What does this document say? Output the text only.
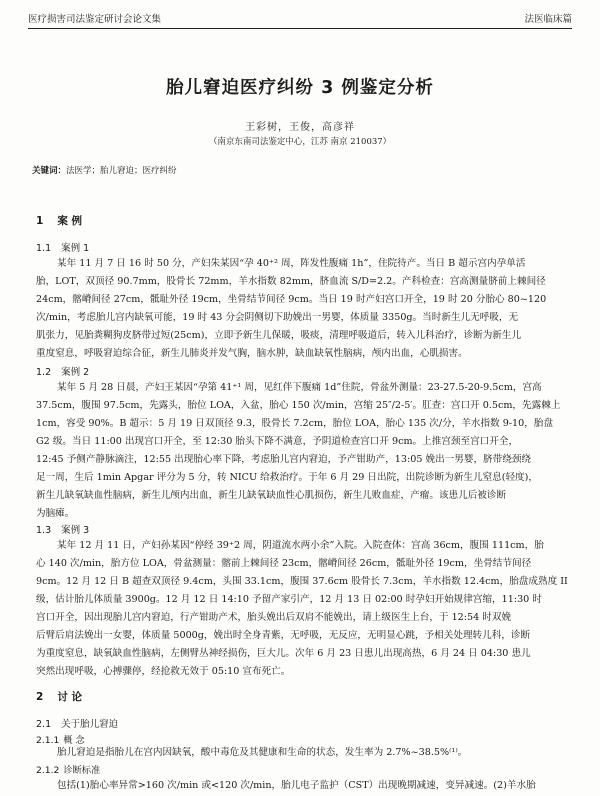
医疗损害司法鉴定研讨会论文集	法医临床篇
胎儿窘迫医疗纠纷 3 例鉴定分析
王彩树，王俊，高彦祥
（南京东南司法鉴定中心，江苏 南京 210037）
关键词：法医学；胎儿窘迫；医疗纠纷
1 案 例
1.1 案例 1
某年 11 月 7 日 16 时 50 分，产妇朱某因“孕 40⁺² 周，阵发性腹痛 1h”，住院待产。当日 B 超示宫内孕单活
胎，LOT，双顶径 90.7mm，股骨长 72mm，羊水指数 82mm，脐血流 S/D=2.2。产科检查：宫高测量脐前上棘间径
24cm，髂嵴间径 27cm，骶耻外径 19cm，坐骨结节间径 9cm。当日 19 时产妇宫口开全，19 时 20 分胎心 80~120
次/min，考虑胎儿宫内缺氧可能，19 时 43 分会阴侧切下助娩出一男婴，体质量 3350g。当时新生儿无呼吸，无
肌张力，见胎粪糊狗皮脐带过短(25cm)，立即予新生儿保暖，吸痰，清理呼吸道后，转入儿科治疗，诊断为新生儿
重度窒息，呼吸窘迫综合征，新生儿肺炎并发气胸，脑水肿，缺血缺氧性脑病，颅内出血，心肌损害。
1.2 案例 2
某年 5 月 28 日晨，产妇王某因“孕第 41⁺¹ 周，见红伴下腹痛 1d”住院，骨盆外测量：23-27.5-20-9.5cm，宫高
37.5cm，腹围 97.5cm，先露头，胎位 LOA，入盆，胎心 150 次/min，宫缩 25″/2-5′。肛查：宫口开 0.5cm，先露棘上
1cm，容受 90%。B 超示：5 月 19 日双顶径 9.3，股骨长 7.2cm，胎位 LOA，胎心 135 次/分，羊水指数 9-10，胎盘
G2 级。当日 11:00 出现宫口开全，至 12:30 胎头下降不满意，予阴道检查宫口开 9cm。上推宫颈至宫口开全，
12:45 予侧产静脉滴注，12:55 出现胎心率下降，考虑胎儿宫内窘迫，予产钳助产，13:05 娩出一男婴，脐带绕颈绕
足一周，生后 1min Apgar 评分为 5 分，转 NICU 给救治疗。于年 6 月 29 日出院，出院诊断为新生儿窒息(轻度)，
新生儿缺氧缺血性脑病，新生儿颅内出血，新生儿缺氧缺血性心肌损伤，新生儿败血症，产瘤。该患儿后被诊断
为脑瘫。
1.3 案例 3
某年 12 月 11 日，产妇孙某因“停经 39⁺2 周，阴道流水两小余”入院。入院查体：宫高 36cm，腹围 111cm，胎
心 140 次/min，胎方位 LOA，骨盆测量：髂前上棘间径 23cm，髂嵴间径 26cm，骶耻外径 19cm，坐骨结节间径
9cm。12 月 12 日 B 超查双顶径 9.4cm，头围 33.1cm，腹围 37.6cm 股骨长 7.3cm，羊水指数 12.4cm，胎盘成熟度 II
级，估计胎儿体质量 3900g。12 月 12 日 14:10 予留产家引产，12 月 13 日 02:00 时孕妇开始规律宫缩，11:30 时
宫口开全，因出现胎儿宫内窘迫，行产钳助产术，胎头娩出后双肩不能娩出，请上级医生上台，于 12:54 时双娩
后臂后肩法娩出一女婴，体质量 5000g，娩出时全身青紫，无呼吸，无反应，无明显心跳，予相关处理转儿科，诊断
为重度窒息，缺氧缺血性脑病，左侧臂丛神经损伤，巨大儿。次年 6 月 23 日患儿出现高热，6 月 24 日 04:30 患儿
突然出现呼吸，心搏骤停，经抢救无效于 05:10 宣布死亡。
2 讨 论
2.1 关于胎儿窘迫
2.1.1 概 念
胎儿窘迫是指胎儿在宫内因缺氧，酸中毒危及其健康和生命的状态，发生率为 2.7%~38.5%⁽¹⁾。
2.1.2 诊断标准
包括(1)胎心率异常>160 次/min 或<120 次/min，胎儿电子监护（CST）出现晚期减速，变异减速。(2)羊水胎
